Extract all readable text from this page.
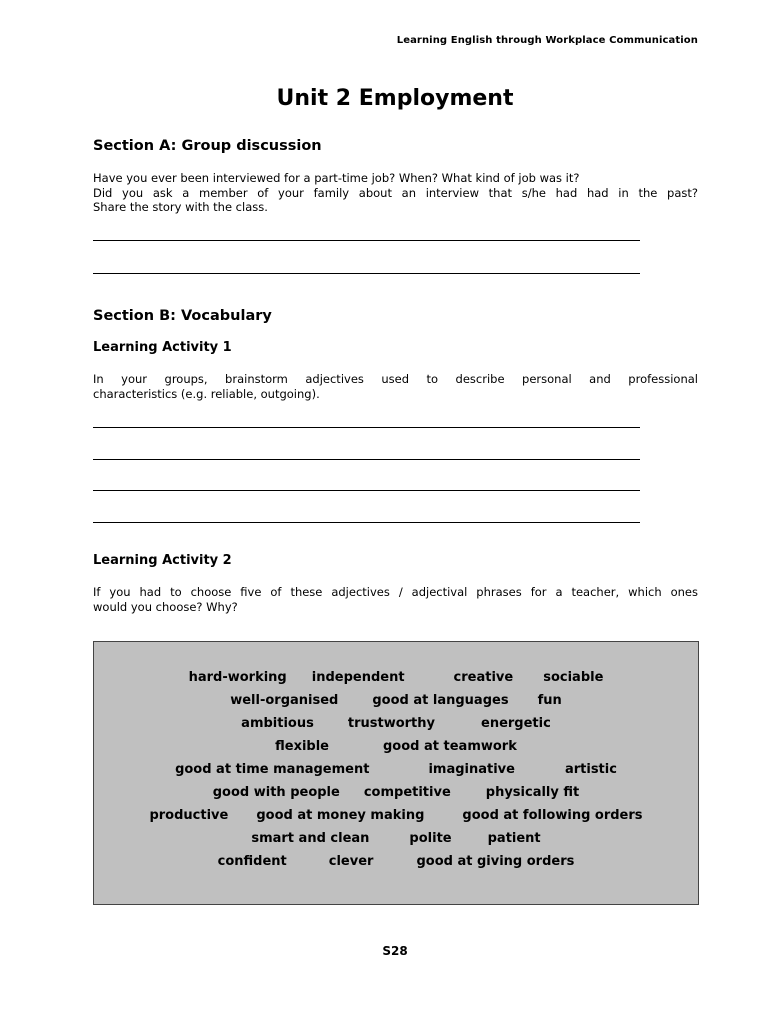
Learning English through Workplace Communication
Unit 2 Employment
Section A: Group discussion
Have you ever been interviewed for a part-time job? When? What kind of job was it?
Did you ask a member of your family about an interview that s/he had had in the past?
Share the story with the class.
Section B: Vocabulary
Learning Activity 1
In your groups, brainstorm adjectives used to describe personal and professional
characteristics (e.g. reliable, outgoing).
Learning Activity 2
If you had to choose five of these adjectives / adjectival phrases for a teacher, which ones
would you choose? Why?
hard-working independent	creative sociable
well-organised	good at languages fun
ambitious	trustworthy	energetic
flexible	good at teamwork
good at time management	imaginative	artistic
good with people competitive	physically fit
productive good at money making	good at following orders
smart and clean	polite	patient
confident	clever	good at giving orders
S28
